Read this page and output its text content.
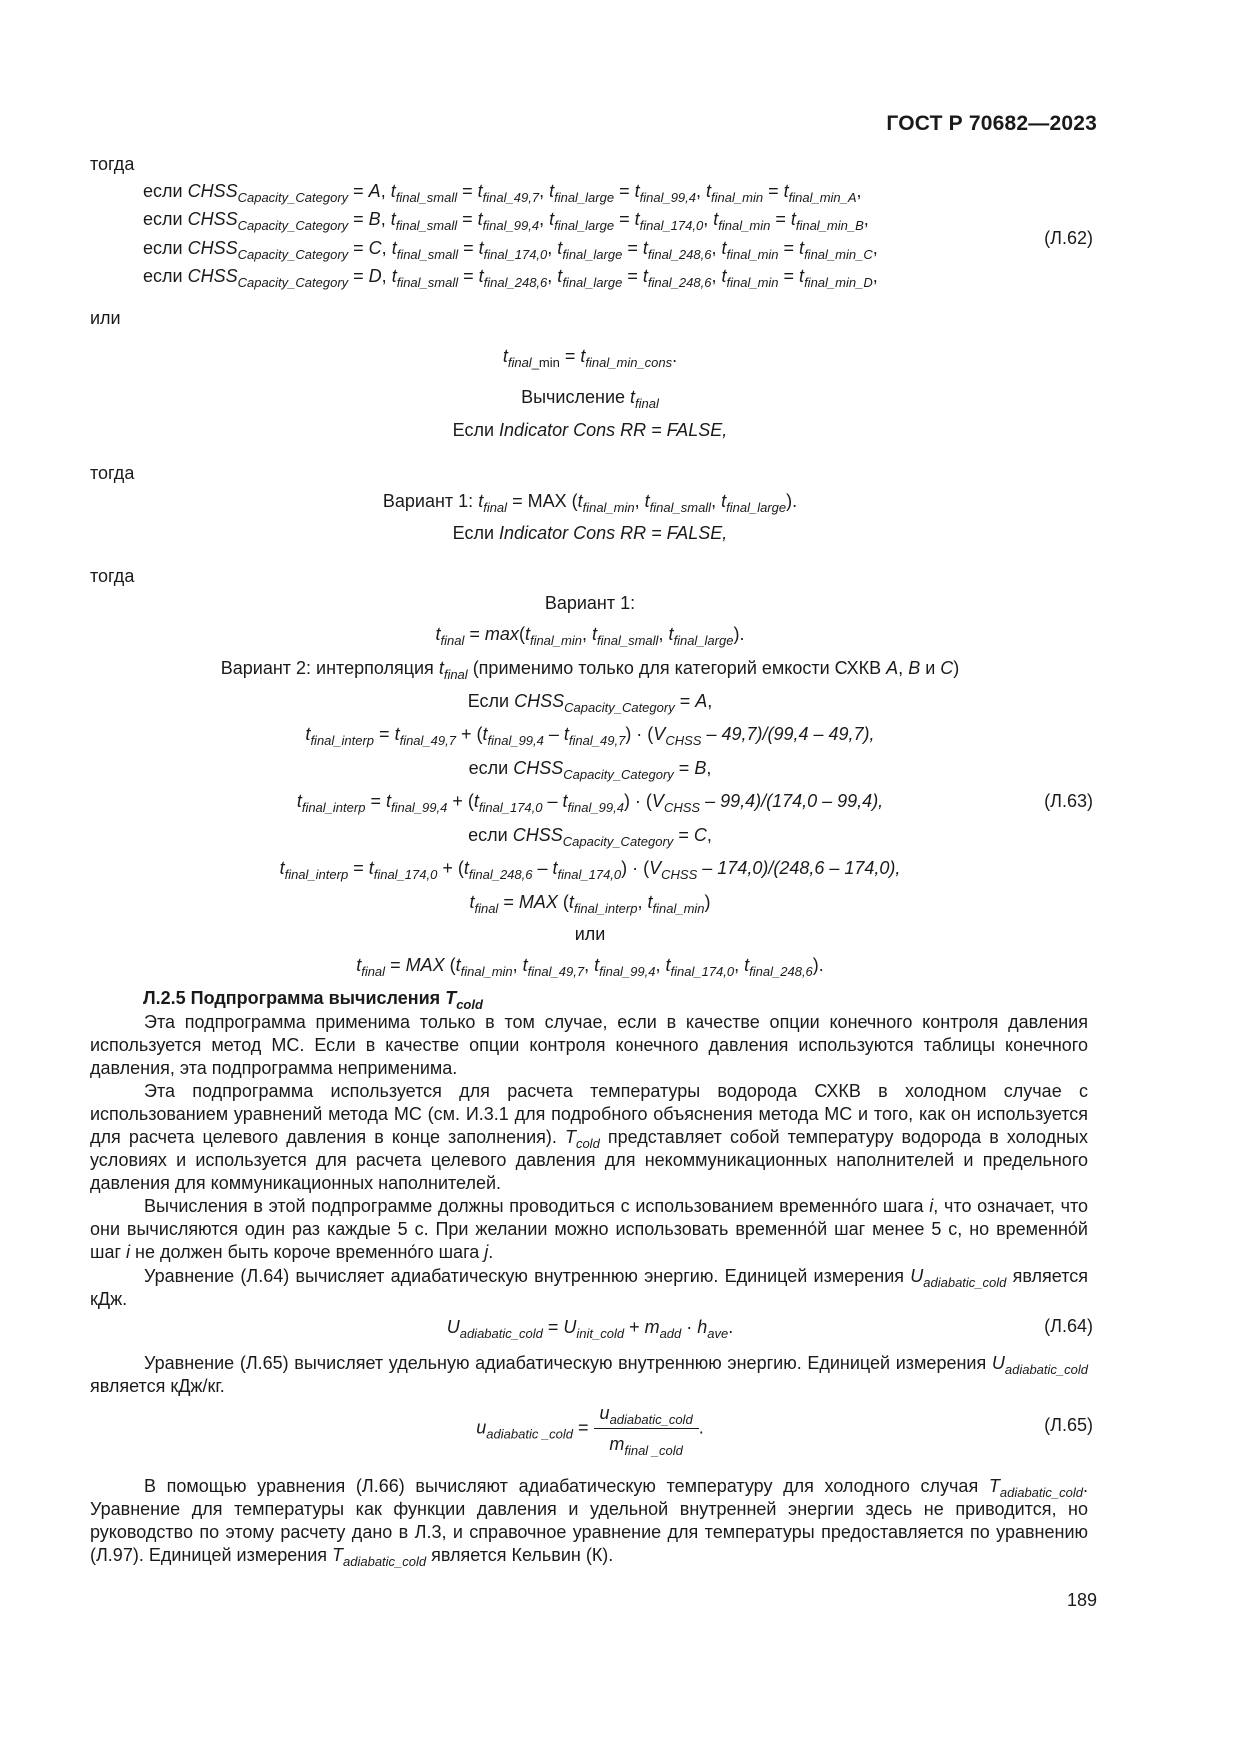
ГОСТ Р 70682—2023
тогда
если $CHSS_{Capacity\_Category} = A$, $t_{final\_small} = t_{final\_49,7}$, $t_{final\_large} = t_{final\_99,4}$, $t_{final\_min} = t_{final\_min\_A}$,
если $CHSS_{Capacity\_Category} = B$, $t_{final\_small} = t_{final\_99,4}$, $t_{final\_large} = t_{final\_174,0}$, $t_{final\_min} = t_{final\_min\_B}$,
(Л.62)
если $CHSS_{Capacity\_Category} = C$, $t_{final\_small} = t_{final\_174,0}$, $t_{final\_large} = t_{final\_248,6}$, $t_{final\_min} = t_{final\_min\_C}$,
если $CHSS_{Capacity\_Category} = D$, $t_{final\_small} = t_{final\_248,6}$, $t_{final\_large} = t_{final\_248,6}$, $t_{final\_min} = t_{final\_min\_D}$,
или
$t_{final\_min} = t_{final\_min\_cons}$.
Вычисление $t_{final}$
Если Indicator Cons RR = FALSE,
тогда
Вариант 1: $t_{final}$ = MAX ($t_{final\_min}$, $t_{final\_small}$, $t_{final\_large}$).
Если Indicator Cons RR = FALSE,
тогда
Вариант 1:
$t_{final} = \max(t_{final\_min}$, $t_{final\_small}$, $t_{final\_large}$).
Вариант 2: интерполяция $t_{final}$ (применимо только для категорий емкости СХКВ A, B и C)
Если $CHSS_{Capacity\_Category} = A$,
$t_{final\_interp} = t_{final\_49,7} + (t_{final\_99,4} - t_{final\_49,7}) \cdot (V_{CHSS} - 49,7)/(99,4 - 49,7)$,
если $CHSS_{Capacity\_Category} = B$,
$t_{final\_interp} = t_{final\_99,4} + (t_{final\_174,0} - t_{final\_99,4}) \cdot (V_{CHSS} - 99,4)/(174,0 - 99,4)$,	(Л.63)
если $CHSS_{Capacity\_Category} = C$,
$t_{final\_interp} = t_{final\_174,0} + (t_{final\_248,6} - t_{final\_174,0}) \cdot (V_{CHSS} - 174,0)/(248,6 - 174,0)$,
$t_{final}$ = MAX ($t_{final\_interp}$, $t_{final\_min}$)
или
$t_{final}$ = MAX ($t_{final\_min}$, $t_{final\_49,7}$, $t_{final\_99,4}$, $t_{final\_174,0}$, $t_{final\_248,6}$).
Л.2.5 Подпрограмма вычисления $T_{cold}$
Эта подпрограмма применима только в том случае, если в качестве опции конечного контроля давления используется метод МС. Если в качестве опции контроля конечного давления используются таблицы конечного давления, эта подпрограмма неприменима.
Эта подпрограмма используется для расчета температуры водорода СХКВ в холодном случае с использованием уравнений метода МС (см. И.3.1 для подробного объяснения метода МС и того, как он используется для расчета целевого давления в конце заполнения). $T_{cold}$ представляет собой температуру водорода в холодных условиях и используется для расчета целевого давления для некоммуникационных наполнителей и предельного давления для коммуникационных наполнителей.
Вычисления в этой подпрограмме должны проводиться с использованием временно́го шага i, что означает, что они вычисляются один раз каждые 5 с. При желании можно использовать временно́й шаг менее 5 с, но временно́й шаг i не должен быть короче временно́го шага j.
Уравнение (Л.64) вычисляет адиабатическую внутреннюю энергию. Единицей измерения $U_{adiabatic\_cold}$ является кДж.
$U_{adiabatic\_cold} = U_{init\_cold} + m_{add} \cdot h_{ave}$.	(Л.64)
Уравнение (Л.65) вычисляет удельную адиабатическую внутреннюю энергию. Единицей измерения $U_{adiabatic\_cold}$ является кДж/кг.
$u_{adiabatic \_cold} = \frac{u_{adiabatic\_cold}}{m_{final \_cold}}$ .	(Л.65)
В помощью уравнения (Л.66) вычисляют адиабатическую температуру для холодного случая $T_{adiabatic\_cold}$. Уравнение для температуры как функции давления и удельной внутренней энергии здесь не приводится, но руководство по этому расчету дано в Л.3, и справочное уравнение для температуры предоставляется по уравнению (Л.97). Единицей измерения $T_{adiabatic\_cold}$ является Кельвин (К).
189
